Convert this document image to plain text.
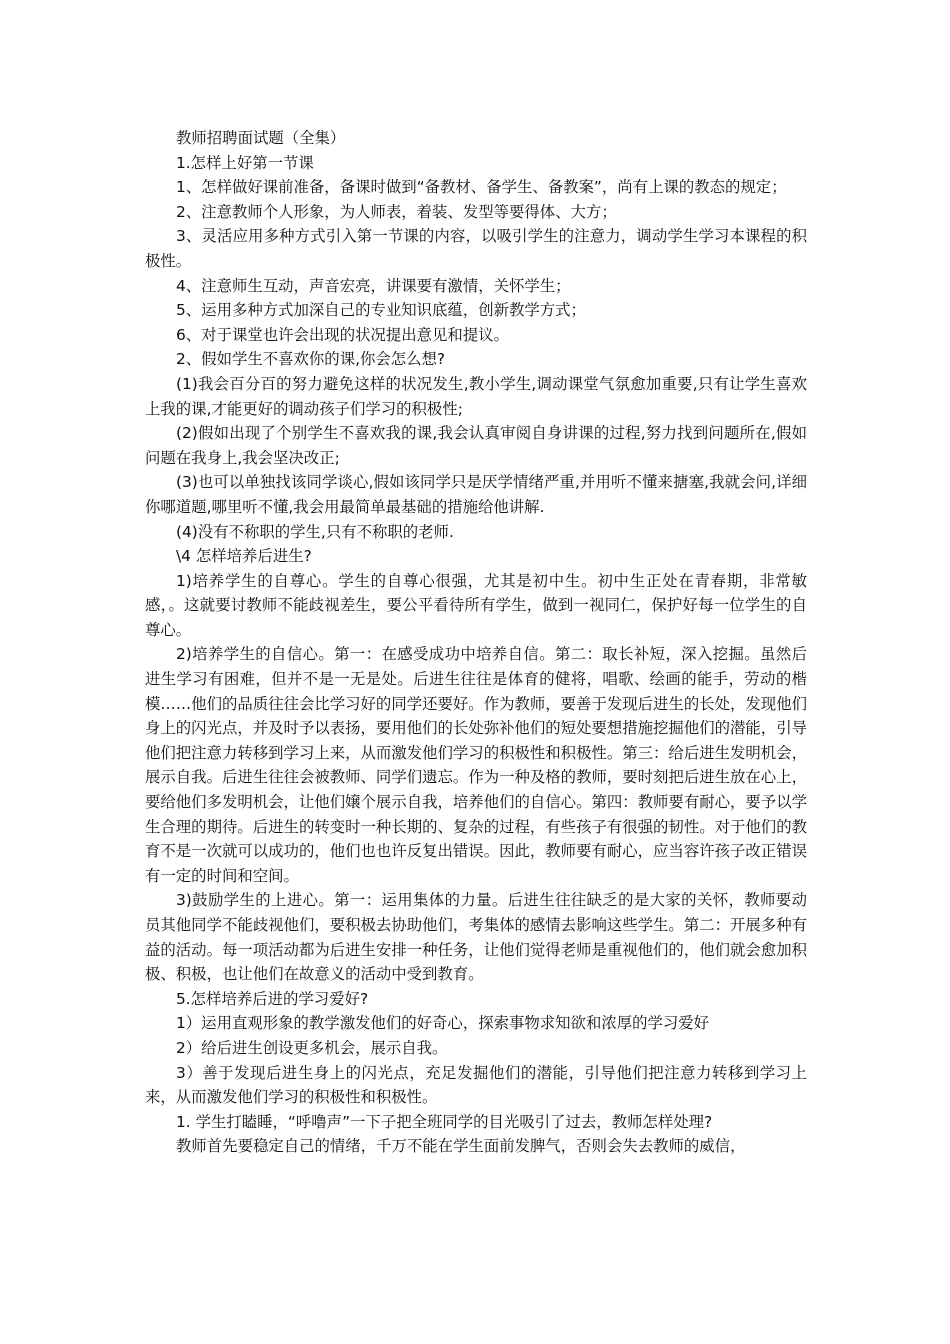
教师招聘面试题（全集）

1.怎样上好第一节课

1、怎样做好课前准备，备课时做到“备教材、备学生、备教案”，尚有上课的教态的规定；

2、注意教师个人形象，为人师表，着装、发型等要得体、大方；

3、灵活应用多种方式引入第一节课的内容，以吸引学生的注意力，调动学生学习本课程的积极性。

4、注意师生互动，声音宏亮，讲课要有激情，关怀学生；

5、运用多种方式加深自己的专业知识底蕴，创新教学方式；

6、对于课堂也许会出现的状况提出意见和提议。

2、假如学生不喜欢你的课,你会怎么想?

(1)我会百分百的努力避免这样的状况发生,教小学生,调动课堂气氛愈加重要,只有让学生喜欢上我的课,才能更好的调动孩子们学习的积极性;

(2)假如出现了个别学生不喜欢我的课,我会认真审阅自身讲课的过程,努力找到问题所在,假如问题在我身上,我会坚决改正;

(3)也可以单独找该同学谈心,假如该同学只是厌学情绪严重,并用听不懂来搪塞,我就会问,详细你哪道题,哪里听不懂,我会用最简单最基础的措施给他讲解.

(4)没有不称职的学生,只有不称职的老师.

\4 怎样培养后进生?

1)培养学生的自尊心。学生的自尊心很强，尤其是初中生。初中生正处在青春期，非常敏感，。这就要讨教师不能歧视差生，要公平看待所有学生，做到一视同仁，保护好每一位学生的自尊心。

2)培养学生的自信心。第一：在感受成功中培养自信。第二：取长补短，深入挖掘。虽然后进生学习有困难，但并不是一无是处。后进生往往是体育的健将，唱歌、绘画的能手，劳动的楷模……他们的品质往往会比学习好的同学还要好。作为教师，要善于发现后进生的长处，发现他们身上的闪光点，并及时予以表扬，要用他们的长处弥补他们的短处要想措施挖掘他们的潜能，引导他们把注意力转移到学习上来，从而激发他们学习的积极性和积极性。第三：给后进生发明机会，展示自我。后进生往往会被教师、同学们遗忘。作为一种及格的教师，要时刻把后进生放在心上，要给他们多发明机会，让他们嬢个展示自我，培养他们的自信心。第四：教师要有耐心，要予以学生合理的期待。后进生的转变时一种长期的、复杂的过程，有些孩子有很强的韧性。对于他们的教育不是一次就可以成功的，他们也也许反复出错误。因此，教师要有耐心，应当容许孩子改正错误有一定的时间和空间。

3)鼓励学生的上进心。第一：运用集体的力量。后进生往往缺乏的是大家的关怀，教师要动员其他同学不能歧视他们，要积极去协助他们，考集体的感情去影响这些学生。第二：开展多种有益的活动。每一项活动都为后进生安排一种任务，让他们觉得老师是重视他们的，他们就会愈加积极、积极，也让他们在故意义的活动中受到教育。

5.怎样培养后进的学习爱好?

1）运用直观形象的教学激发他们的好奇心，探索事物求知欲和浓厚的学习爱好

2）给后进生创设更多机会，展示自我。

3）善于发现后进生身上的闪光点，充足发掘他们的潜能，引导他们把注意力转移到学习上来，从而激发他们学习的积极性和积极性。

1. 学生打瞌睡，“呼噜声”一下子把全班同学的目光吸引了过去，教师怎样处理?

教师首先要稳定自己的情绪，千万不能在学生面前发脾气，否则会失去教师的威信，
